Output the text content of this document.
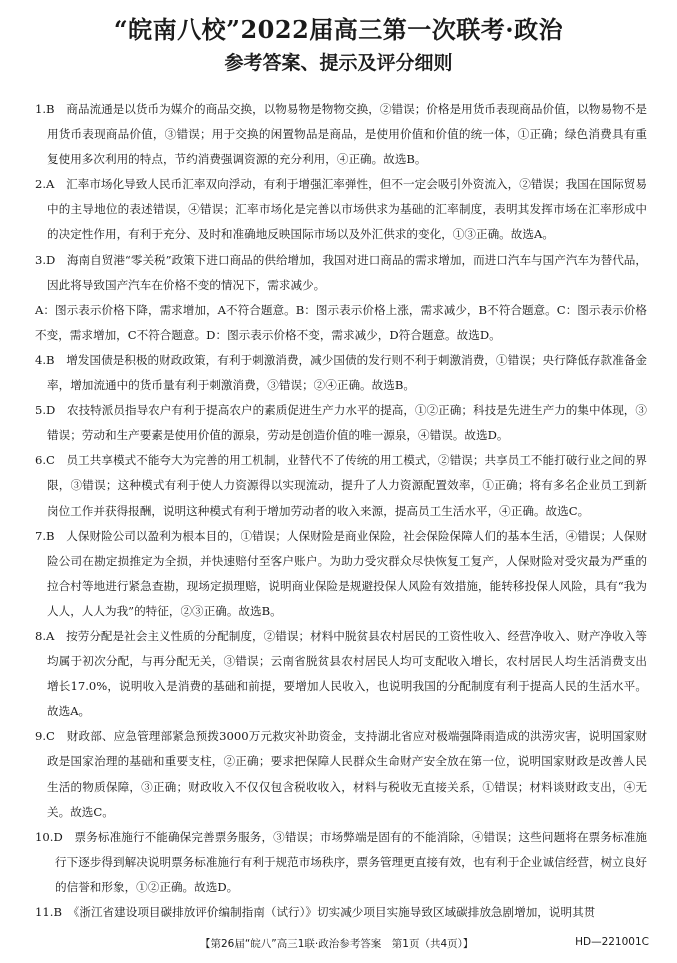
“皖南八校”2022届高三第一次联考·政治
参考答案、提示及评分细则

1.B　商品流通是以货币为媒介的商品交换，以物易物是物物交换，②错误；价格是用货币表现商品价值，以物易物不是用货币表现商品价值，③错误；用于交换的闲置物品是商品，是使用价值和价值的统一体，①正确；绿色消费具有重复使用多次利用的特点，节约消费强调资源的充分利用，④正确。故选B。

2.A　汇率市场化导致人民币汇率双向浮动，有利于增强汇率弹性，但不一定会吸引外资流入，②错误；我国在国际贸易中的主导地位的表述错误，④错误；汇率市场化是完善以市场供求为基础的汇率制度，表明其发挥市场在汇率形成中的决定性作用，有利于充分、及时和准确地反映国际市场以及外汇供求的变化，①③正确。故选A。

3.D　海南自贸港“零关税”政策下进口商品的供给增加，我国对进口商品的需求增加，而进口汽车与国产汽车为替代品，因此将导致国产汽车在价格不变的情况下，需求减少。

A：图示表示价格下降，需求增加，A不符合题意。B：图示表示价格上涨，需求减少，B不符合题意。C：图示表示价格不变，需求增加，C不符合题意。D：图示表示价格不变，需求减少，D符合题意。故选D。

4.B　增发国债是积极的财政政策，有利于刺激消费，减少国债的发行则不利于刺激消费，①错误；央行降低存款准备金率，增加流通中的货币量有利于刺激消费，③错误；②④正确。故选B。

5.D　农技特派员指导农户有利于提高农户的素质促进生产力水平的提高，①②正确；科技是先进生产力的集中体现，③错误；劳动和生产要素是使用价值的源泉，劳动是创造价值的唯一源泉，④错误。故选D。

6.C　员工共享模式不能夸大为完善的用工机制，业替代不了传统的用工模式，②错误；共享员工不能打破行业之间的界限，③错误；这种模式有利于使人力资源得以实现流动，提升了人力资源配置效率，①正确；将有多名企业员工到新岗位工作并获得报酬，说明这种模式有利于增加劳动者的收入来源，提高员工生活水平，④正确。故选C。

7.B　人保财险公司以盈利为根本目的，①错误；人保财险是商业保险，社会保险保障人们的基本生活，④错误；人保财险公司在勘定损推定为全损，并快速赔付至客户账户。为助力受灾群众尽快恢复工复产，人保财险对受灾最为严重的拉合村等地进行紧急查勘，现场定损理赔，说明商业保险是规避投保人风险有效措施，能转移投保人风险，具有“我为人人，人人为我”的特征，②③正确。故选B。

8.A　按劳分配是社会主义性质的分配制度，②错误；材料中脱贫县农村居民的工资性收入、经营净收入、财产净收入等均属于初次分配，与再分配无关，③错误；云南省脱贫县农村居民人均可支配收入增长，农村居民人均生活消费支出增长17.0%，说明收入是消费的基础和前提，要增加人民收入，也说明我国的分配制度有利于提高人民的生活水平。故选A。

9.C　财政部、应急管理部紧急预拨3000万元救灾补助资金，支持湖北省应对极端强降雨造成的洪涝灾害，说明国家财政是国家治理的基础和重要支柱，②正确；要求把保障人民群众生命财产安全放在第一位，说明国家财政是改善人民生活的物质保障，③正确；财政收入不仅仅包含税收收入，材料与税收无直接关系，①错误；材料谈财政支出，④无关。故选C。

10.D　票务标准施行不能确保完善票务服务，③错误；市场弊端是固有的不能消除，④错误；这些问题将在票务标准施行下逐步得到解决说明票务标准施行有利于规范市场秩序，票务管理更直接有效，也有利于企业诚信经营，树立良好的信誉和形象，①②正确。故选D。

11.B　《浙江省建设项目碳排放评价编制指南（试行）》切实减少项目实施导致区域碳排放急剧增加，说明其贯

【第26届“皖八”高三1联·政治参考答案　第1页（共4页）】	HD—221001C
